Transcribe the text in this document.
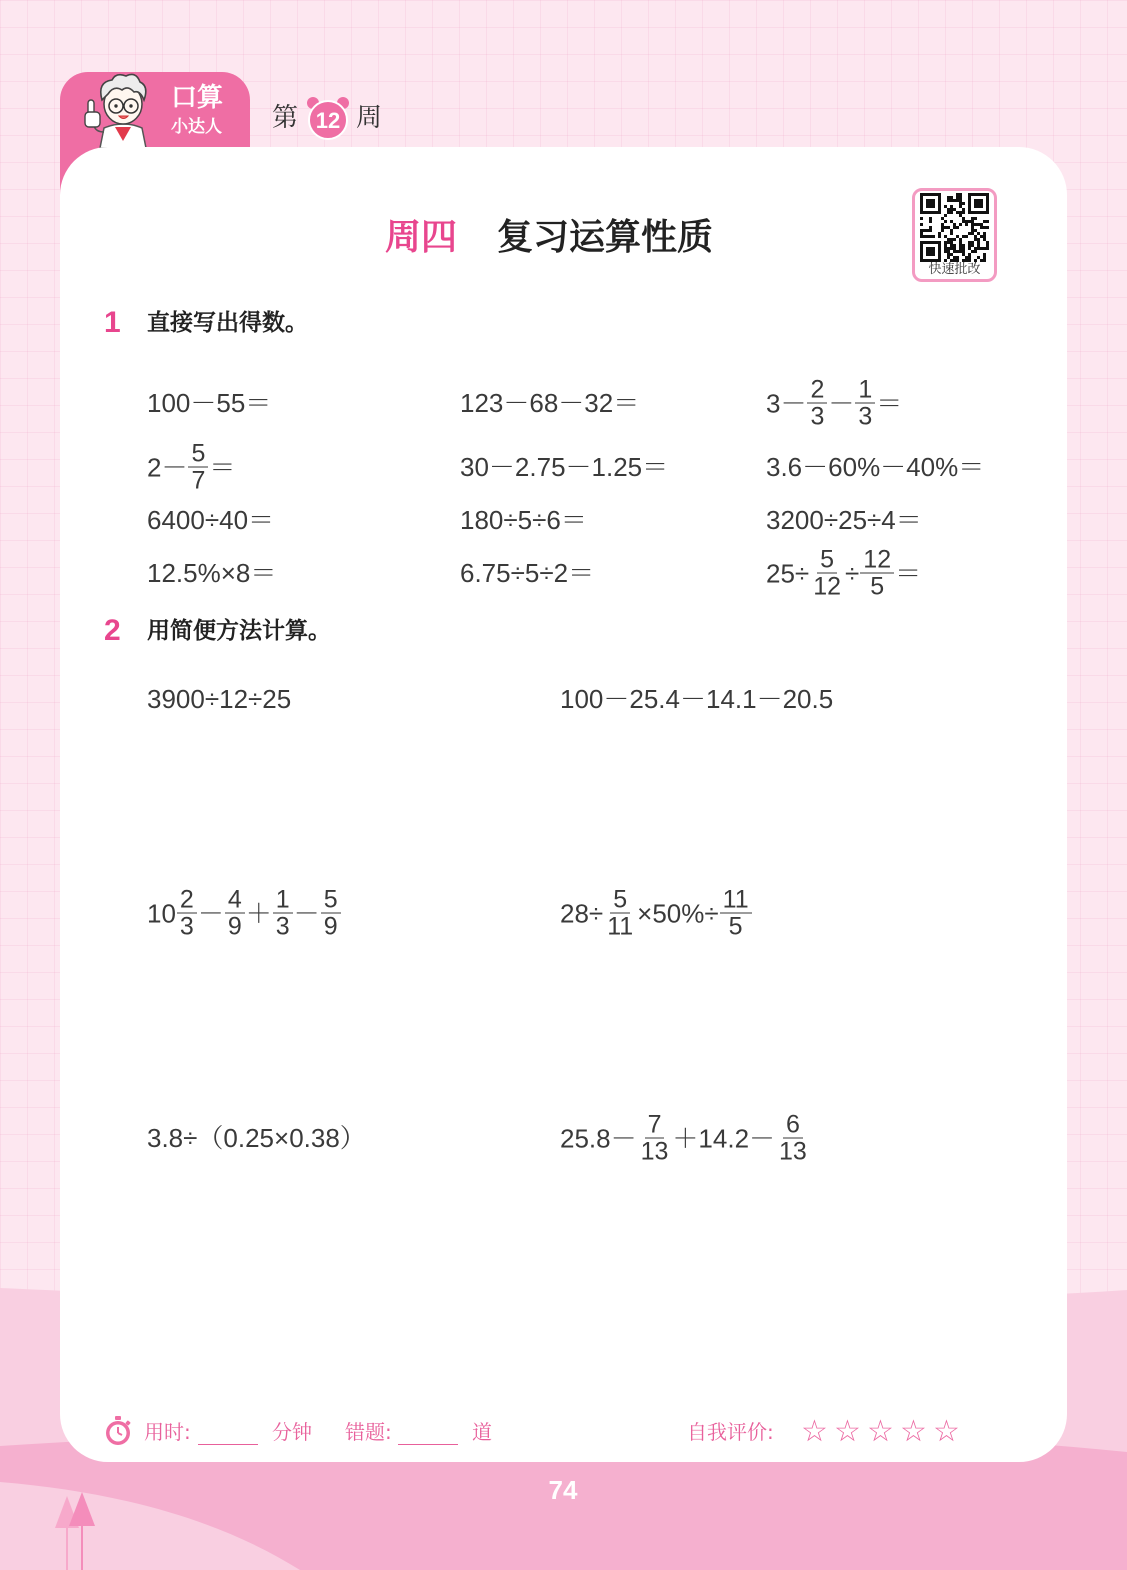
口算
小达人 第 12 周
周四 复习运算性质
快速批改
1 直接写出得数。
100－55＝	123－68－32＝	$3- \frac{2}{3} - \frac{1}{3}$ ＝
$2- \frac{5}{7}$ ＝	30－2.75－1.25＝	3.6－60%－40%＝
6400÷40＝	180÷5÷6＝	3200÷25÷4＝
12.5%×8＝	6.75÷5÷2＝	$25\div \frac{5}{12} \div \frac{12}{5}$ ＝
2 用简便方法计算。
3900÷12÷25	100－25.4－14.1－20.5
$10 \frac{2}{3} - \frac{4}{9} + \frac{1}{3} - \frac{5}{9}$	$28\div \frac{5}{11} \times 50\%\div \frac{11}{5}$
3.8÷（0.25×0.38）	$25.8- \frac{7}{13} +14.2- \frac{6}{13}$
用时:	分钟 错题:	道	自我评价: ☆ ☆ ☆ ☆ ☆
74
